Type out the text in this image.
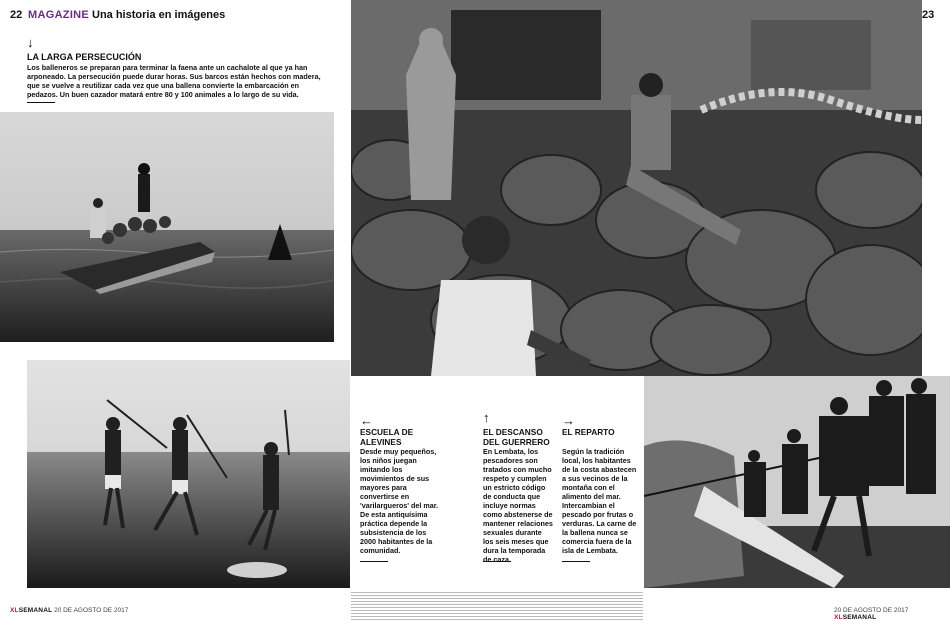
22 MAGAZINE Una historia en imágenes	23
↓
LA LARGA PERSECUCIÓN
Los balleneros se preparan para terminar la faena ante un cachalote al que ya han arponeado. La persecución puede durar horas. Sus barcos están hechos con madera, que se vuelve a reutilizar cada vez que una ballena convierte la embarcación en pedazos. Un buen cazador matará entre 80 y 100 animales a lo largo de su vida.
←
ESCUELA DE ALEVINES
Desde muy pequeños, los niños juegan imitando los movimientos de sus mayores para convertirse en 'varilargueros' del mar. De esta antiquísima práctica depende la subsistencia de los 2000 habitantes de la comunidad.
↑
EL DESCANSO DEL GUERRERO
En Lembata, los pescadores son tratados con mucho respeto y cumplen un estricto código de conducta que incluye normas como abstenerse de mantener relaciones sexuales durante los seis meses que dura la temporada de caza.
→
EL REPARTO
Según la tradición local, los habitantes de la costa abastecen a sus vecinos de la montaña con el alimento del mar. Intercambian el pescado por frutas o verduras. La carne de la ballena nunca se comercia fuera de la isla de Lembata.
XLSEMANAL 20 DE AGOSTO DE 2017	20 DE AGOSTO DE 2017 XLSEMANAL
